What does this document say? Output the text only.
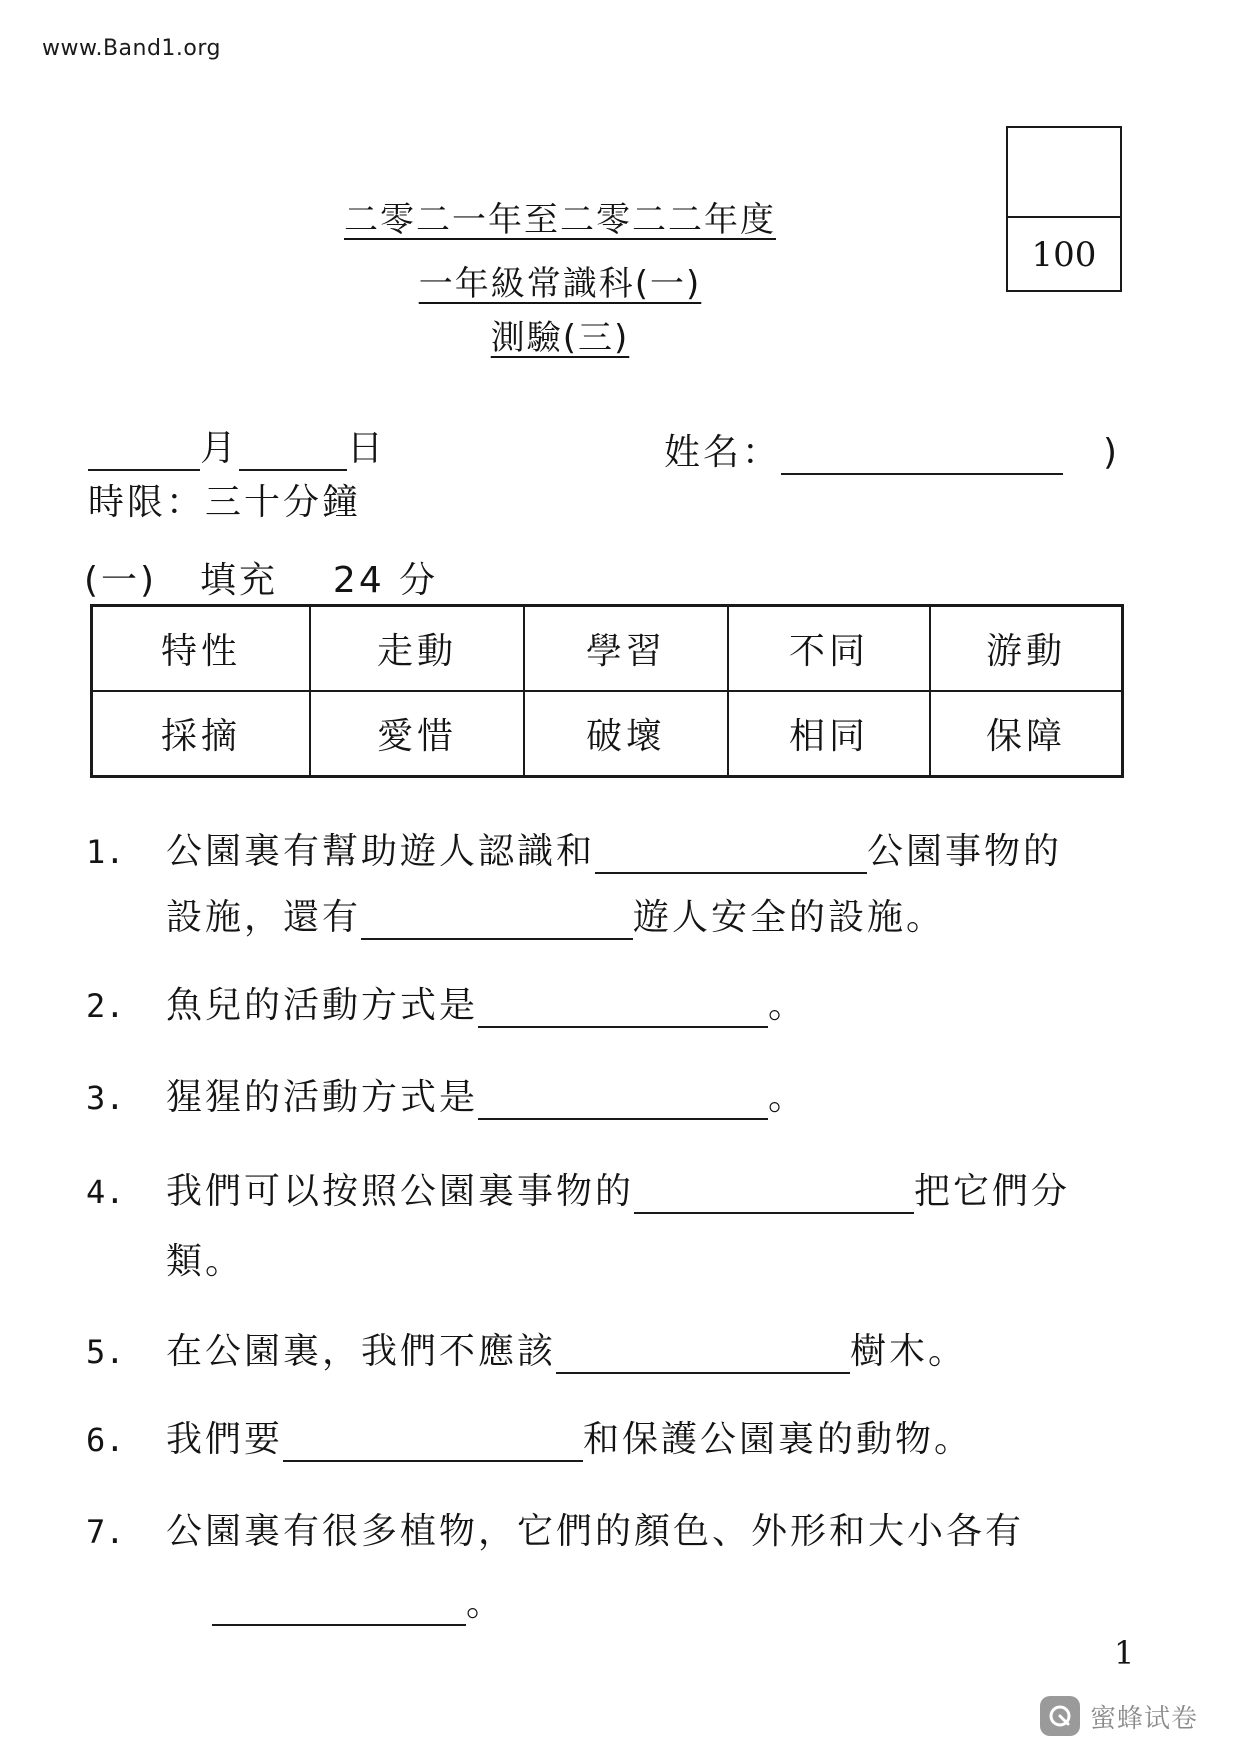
www.Band1.org
二零二一年至二零二二年度
一年級常識科(一)
測驗(三)
100
月	日	姓名：	)
時限：三十分鐘
(一) 填充 24 分
特性	走動	學習	不同	游動
採摘	愛惜	破壞	相同	保障
1. 公園裏有幫助遊人認識和	公園事物的
設施，還有	遊人安全的設施。
2. 魚兒的活動方式是	。
3. 猩猩的活動方式是	。
4. 我們可以按照公園裏事物的	把它們分
類。
5. 在公園裏，我們不應該	樹木。
6. 我們要	和保護公園裏的動物。
7. 公園裏有很多植物，它們的顏色、外形和大小各有
。
1
蜜蜂试卷
